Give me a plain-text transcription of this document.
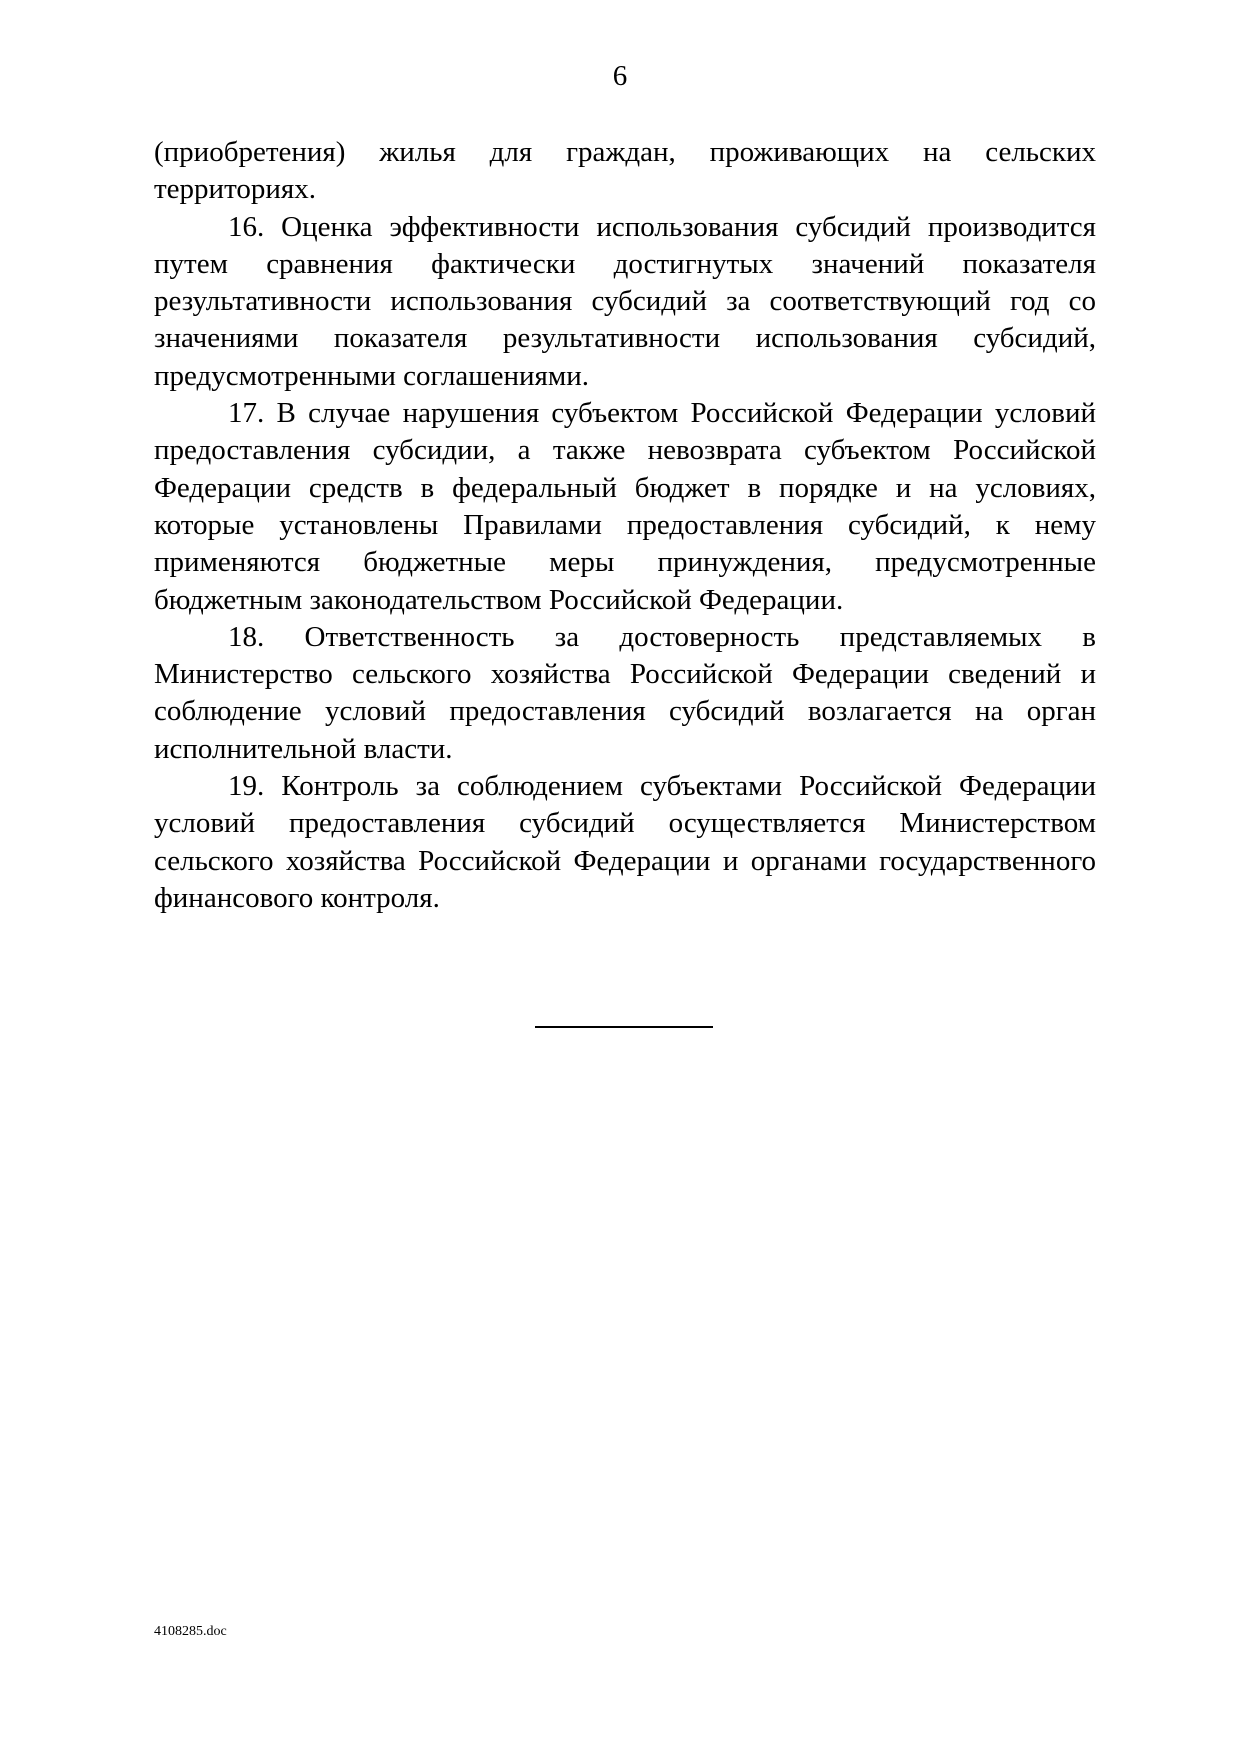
6

(приобретения) жилья для граждан, проживающих на сельских территориях.

16. Оценка эффективности использования субсидий производится путем сравнения фактически достигнутых значений показателя результативности использования субсидий за соответствующий год со значениями показателя результативности использования субсидий, предусмотренными соглашениями.

17. В случае нарушения субъектом Российской Федерации условий предоставления субсидии, а также невозврата субъектом Российской Федерации средств в федеральный бюджет в порядке и на условиях, которые установлены Правилами предоставления субсидий, к нему применяются бюджетные меры принуждения, предусмотренные бюджетным законодательством Российской Федерации.

18. Ответственность за достоверность представляемых в Министерство сельского хозяйства Российской Федерации сведений и соблюдение условий предоставления субсидий возлагается на орган исполнительной власти.

19. Контроль за соблюдением субъектами Российской Федерации условий предоставления субсидий осуществляется Министерством сельского хозяйства Российской Федерации и органами государственного финансового контроля.

4108285.doc
